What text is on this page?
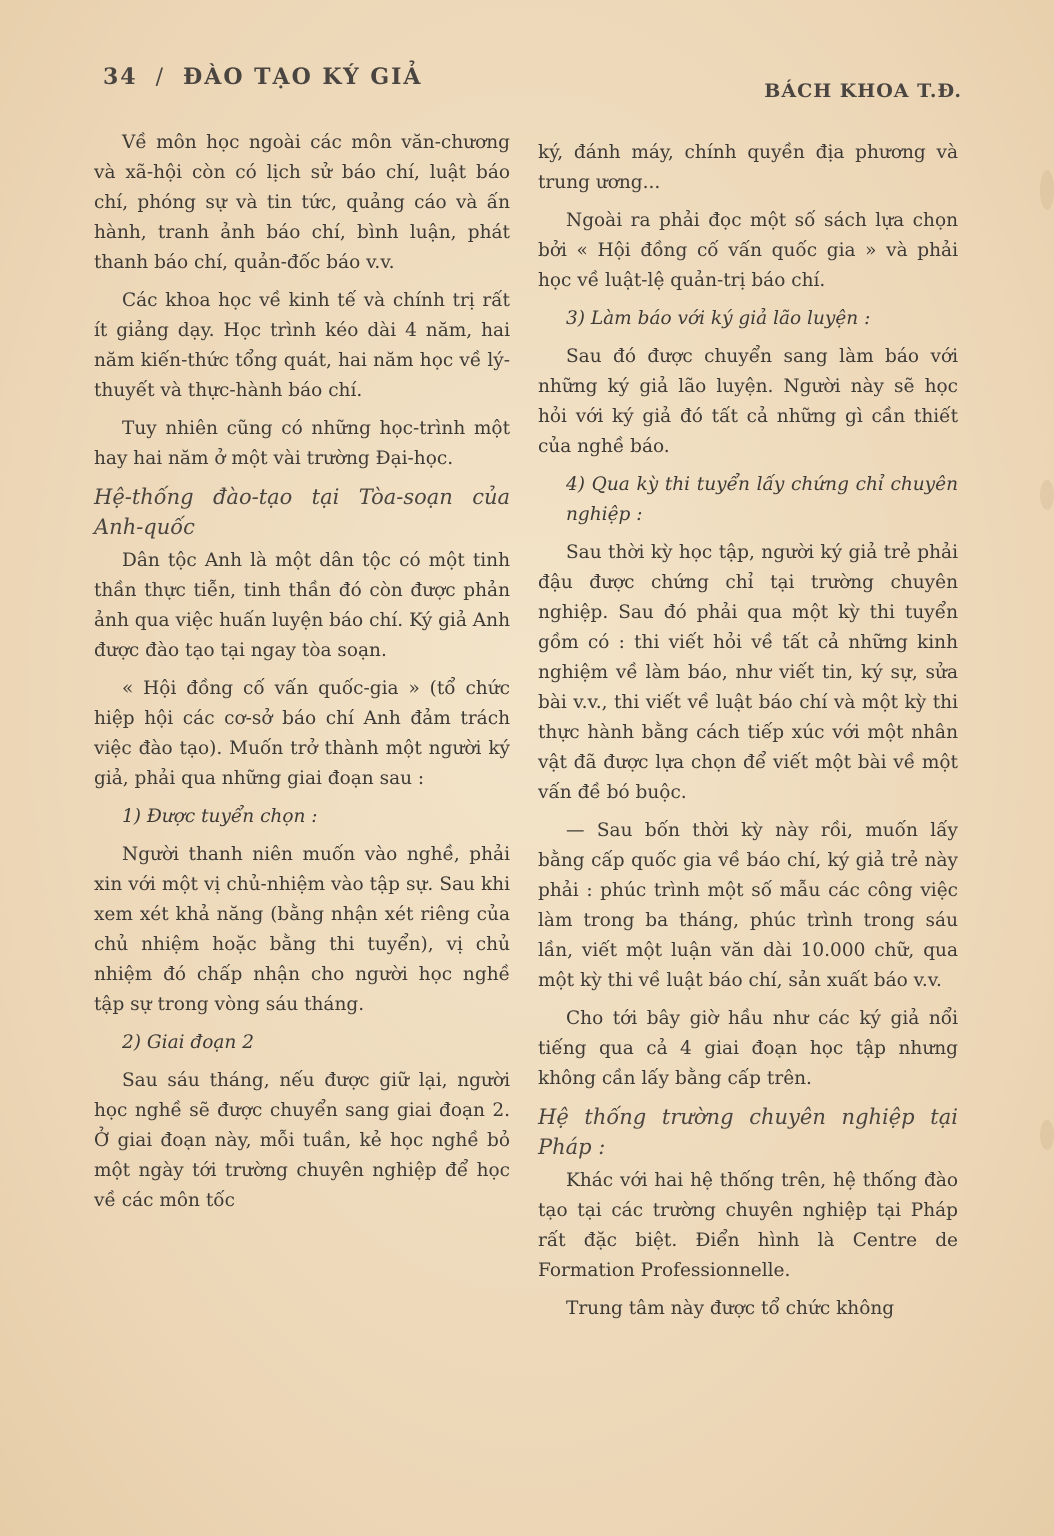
34 / ĐÀO TẠO KÝ GIẢ
BÁCH KHOA T.Đ.

Về môn học ngoài các môn văn-chương và xã-hội còn có lịch sử báo chí, luật báo chí, phóng sự và tin tức, quảng cáo và ấn hành, tranh ảnh báo chí, bình luận, phát thanh báo chí, quản-đốc báo v.v.

Các khoa học về kinh tế và chính trị rất ít giảng dạy. Học trình kéo dài 4 năm, hai năm kiến-thức tổng quát, hai năm học về lý-thuyết và thực-hành báo chí.

Tuy nhiên cũng có những học-trình một hay hai năm ở một vài trường Đại-học.

Hệ-thống đào-tạo tại Tòa-soạn của Anh-quốc

Dân tộc Anh là một dân tộc có một tinh thần thực tiễn, tinh thần đó còn được phản ảnh qua việc huấn luyện báo chí. Ký giả Anh được đào tạo tại ngay tòa soạn.

« Hội đồng cố vấn quốc-gia » (tổ chức hiệp hội các cơ-sở báo chí Anh đảm trách việc đào tạo). Muốn trở thành một người ký giả, phải qua những giai đoạn sau :

1) Được tuyển chọn :

Người thanh niên muốn vào nghề, phải xin với một vị chủ-nhiệm vào tập sự. Sau khi xem xét khả năng (bằng nhận xét riêng của chủ nhiệm hoặc bằng thi tuyển), vị chủ nhiệm đó chấp nhận cho người học nghề tập sự trong vòng sáu tháng.

2) Giai đoạn 2

Sau sáu tháng, nếu được giữ lại, người học nghề sẽ được chuyển sang giai đoạn 2. Ở giai đoạn này, mỗi tuần, kẻ học nghề bỏ một ngày tới trường chuyên nghiệp để học về các môn tốc

ký, đánh máy, chính quyền địa phương và trung ương...

Ngoài ra phải đọc một số sách lựa chọn bởi « Hội đồng cố vấn quốc gia » và phải học về luật-lệ quản-trị báo chí.

3) Làm báo với ký giả lão luyện :

Sau đó được chuyển sang làm báo với những ký giả lão luyện. Người này sẽ học hỏi với ký giả đó tất cả những gì cần thiết của nghề báo.

4) Qua kỳ thi tuyển lấy chứng chỉ chuyên nghiệp :

Sau thời kỳ học tập, người ký giả trẻ phải đậu được chứng chỉ tại trường chuyên nghiệp. Sau đó phải qua một kỳ thi tuyển gồm có : thi viết hỏi về tất cả những kinh nghiệm về làm báo, như viết tin, ký sự, sửa bài v.v., thi viết về luật báo chí và một kỳ thi thực hành bằng cách tiếp xúc với một nhân vật đã được lựa chọn để viết một bài về một vấn đề bó buộc.

— Sau bốn thời kỳ này rồi, muốn lấy bằng cấp quốc gia về báo chí, ký giả trẻ này phải : phúc trình một số mẫu các công việc làm trong ba tháng, phúc trình trong sáu lần, viết một luận văn dài 10.000 chữ, qua một kỳ thi về luật báo chí, sản xuất báo v.v.

Cho tới bây giờ hầu như các ký giả nổi tiếng qua cả 4 giai đoạn học tập nhưng không cần lấy bằng cấp trên.

Hệ thống trường chuyên nghiệp tại Pháp :

Khác với hai hệ thống trên, hệ thống đào tạo tại các trường chuyên nghiệp tại Pháp rất đặc biệt. Điển hình là Centre de Formation Professionnelle.

Trung tâm này được tổ chức không
